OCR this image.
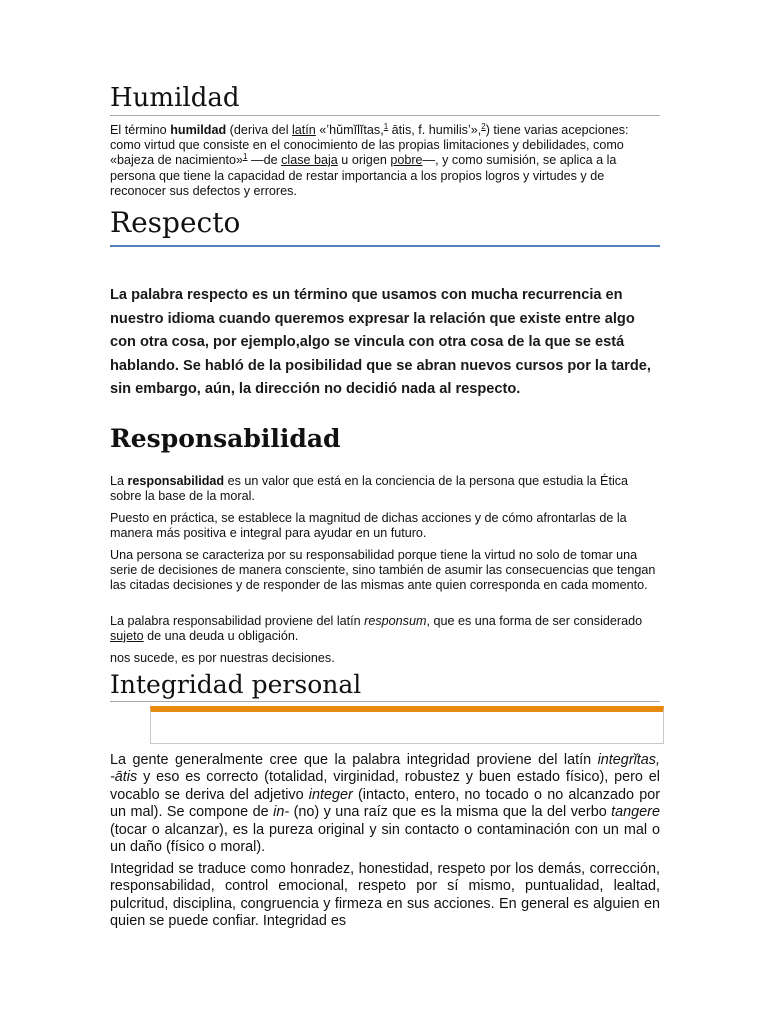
Humildad

El término humildad (deriva del latín «ʽhŭmĭlĭtas,$^1$ ātis, f. humilisʼ»,$^2$) tiene varias acepciones: como virtud que consiste en el conocimiento de las propias limitaciones y debilidades, como «bajeza de nacimiento»$^1$ —de clase baja u origen pobre—, y como sumisión, se aplica a la persona que tiene la capacidad de restar importancia a los propios logros y virtudes y de reconocer sus defectos y errores.

Respecto

La palabra respecto es un término que usamos con mucha recurrencia en nuestro idioma cuando queremos expresar la relación que existe entre algo con otra cosa, por ejemplo,algo se vincula con otra cosa de la que se está hablando. Se habló de la posibilidad que se abran nuevos cursos por la tarde, sin embargo, aún, la dirección no decidió nada al respecto.

Responsabilidad

La responsabilidad es un valor que está en la conciencia de la persona que estudia la Ética sobre la base de la moral.

Puesto en práctica, se establece la magnitud de dichas acciones y de cómo afrontarlas de la manera más positiva e integral para ayudar en un futuro.

Una persona se caracteriza por su responsabilidad porque tiene la virtud no solo de tomar una serie de decisiones de manera consciente, sino también de asumir las consecuencias que tengan las citadas decisiones y de responder de las mismas ante quien corresponda en cada momento.

La palabra responsabilidad proviene del latín responsum, que es una forma de ser considerado sujeto de una deuda u obligación.

nos sucede, es por nuestras decisiones.

Integridad personal

La gente generalmente cree que la palabra integridad proviene del latín integrĭtas, -ātis y eso es correcto (totalidad, virginidad, robustez y buen estado físico), pero el vocablo se deriva del adjetivo integer (intacto, entero, no tocado o no alcanzado por un mal). Se compone de in- (no) y una raíz que es la misma que la del verbo tangere (tocar o alcanzar), es la pureza original y sin contacto o contaminación con un mal o un daño (físico o moral).

Integridad se traduce como honradez, honestidad, respeto por los demás, corrección, responsabilidad, control emocional, respeto por sí mismo, puntualidad, lealtad, pulcritud, disciplina, congruencia y firmeza en sus acciones. En general es alguien en quien se puede confiar. Integridad es
